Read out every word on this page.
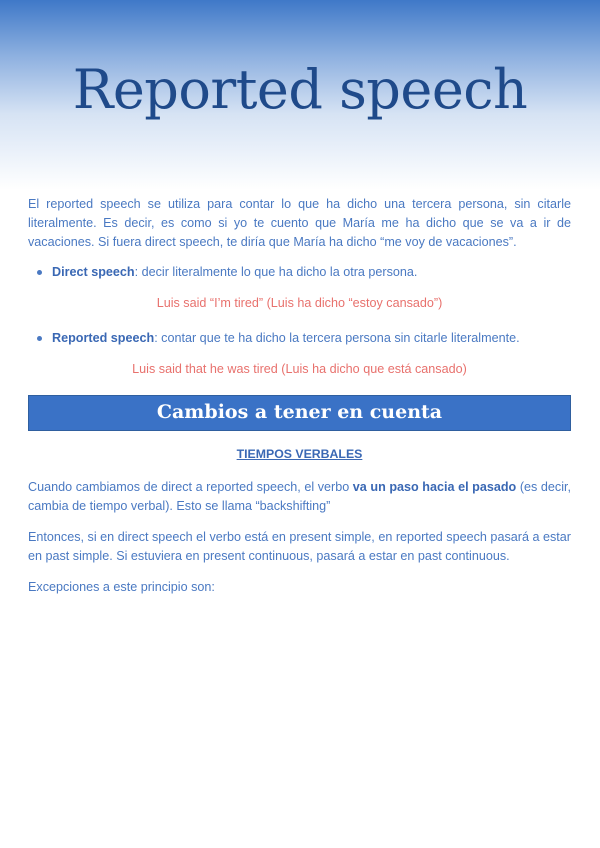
Reported speech

El reported speech se utiliza para contar lo que ha dicho una tercera persona, sin citarle literalmente. Es decir, es como si yo te cuento que María me ha dicho que se va a ir de vacaciones. Si fuera direct speech, te diría que María ha dicho “me voy de vacaciones”.

Direct speech: decir literalmente lo que ha dicho la otra persona.

Luis said “I’m tired” (Luis ha dicho “estoy cansado”)

Reported speech: contar que te ha dicho la tercera persona sin citarle literalmente.

Luis said that he was tired (Luis ha dicho que está cansado)

Cambios a tener en cuenta
TIEMPOS VERBALES

Cuando cambiamos de direct a reported speech, el verbo va un paso hacia el pasado (es decir, cambia de tiempo verbal). Esto se llama “backshifting”

Entonces, si en direct speech el verbo está en present simple, en reported speech pasará a estar en past simple. Si estuviera en present continuous, pasará a estar en past continuous.

Excepciones a este principio son:
